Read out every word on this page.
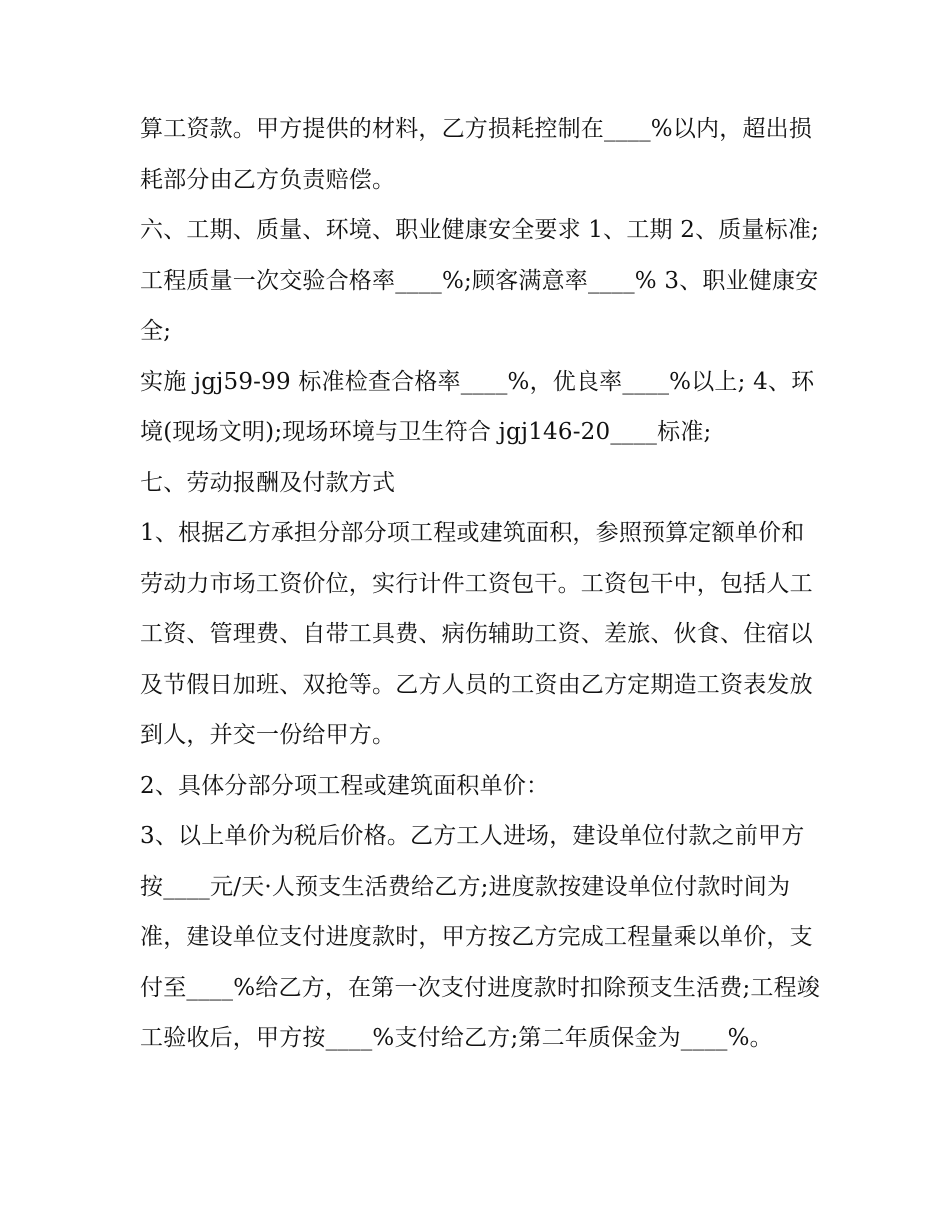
算工资款。甲方提供的材料，乙方损耗控制在____%以内，超出损耗部分由乙方负责赔偿。

六、工期、质量、环境、职业健康安全要求 1、工期 2、质量标准;工程质量一次交验合格率____%;顾客满意率____% 3、职业健康安全;

实施 jgj59-99 标准检查合格率____%，优良率____%以上; 4、环境(现场文明);现场环境与卫生符合 jgj146-20____标准;

七、劳动报酬及付款方式

1、根据乙方承担分部分项工程或建筑面积，参照预算定额单价和劳动力市场工资价位，实行计件工资包干。工资包干中，包括人工工资、管理费、自带工具费、病伤辅助工资、差旅、伙食、住宿以及节假日加班、双抢等。乙方人员的工资由乙方定期造工资表发放到人，并交一份给甲方。

2、具体分部分项工程或建筑面积单价：

3、以上单价为税后价格。乙方工人进场，建设单位付款之前甲方按____元/天·人预支生活费给乙方;进度款按建设单位付款时间为准，建设单位支付进度款时，甲方按乙方完成工程量乘以单价，支付至____%给乙方，在第一次支付进度款时扣除预支生活费;工程竣工验收后，甲方按____%支付给乙方;第二年质保金为____%。
